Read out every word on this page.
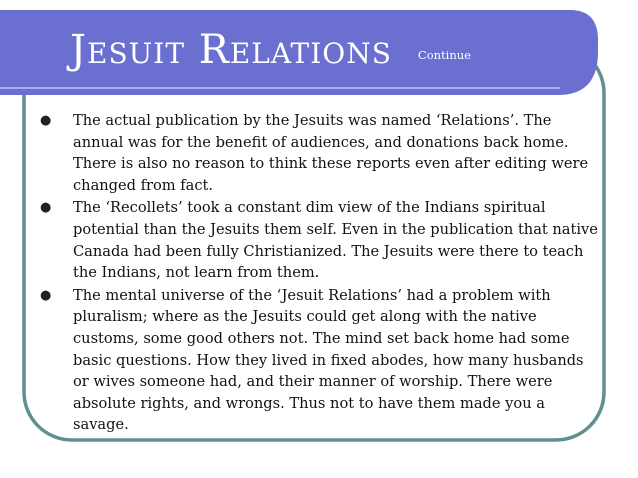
Jesuit Relations Continue
● The actual publication by the Jesuits was named ‘Relations’. The annual was for the benefit of audiences, and donations back home. There is also no reason to think these reports even after editing were changed from fact.
● The ‘Recollets’ took a constant dim view of the Indians spiritual potential than the Jesuits them self. Even in the publication that native Canada had been fully Christianized. The Jesuits were there to teach the Indians, not learn from them.
● The mental universe of the ‘Jesuit Relations’ had a problem with pluralism; where as the Jesuits could get along with the native customs, some good others not. The mind set back home had some basic questions. How they lived in fixed abodes, how many husbands or wives someone had, and their manner of worship. There were absolute rights, and wrongs. Thus not to have them made you a savage.
